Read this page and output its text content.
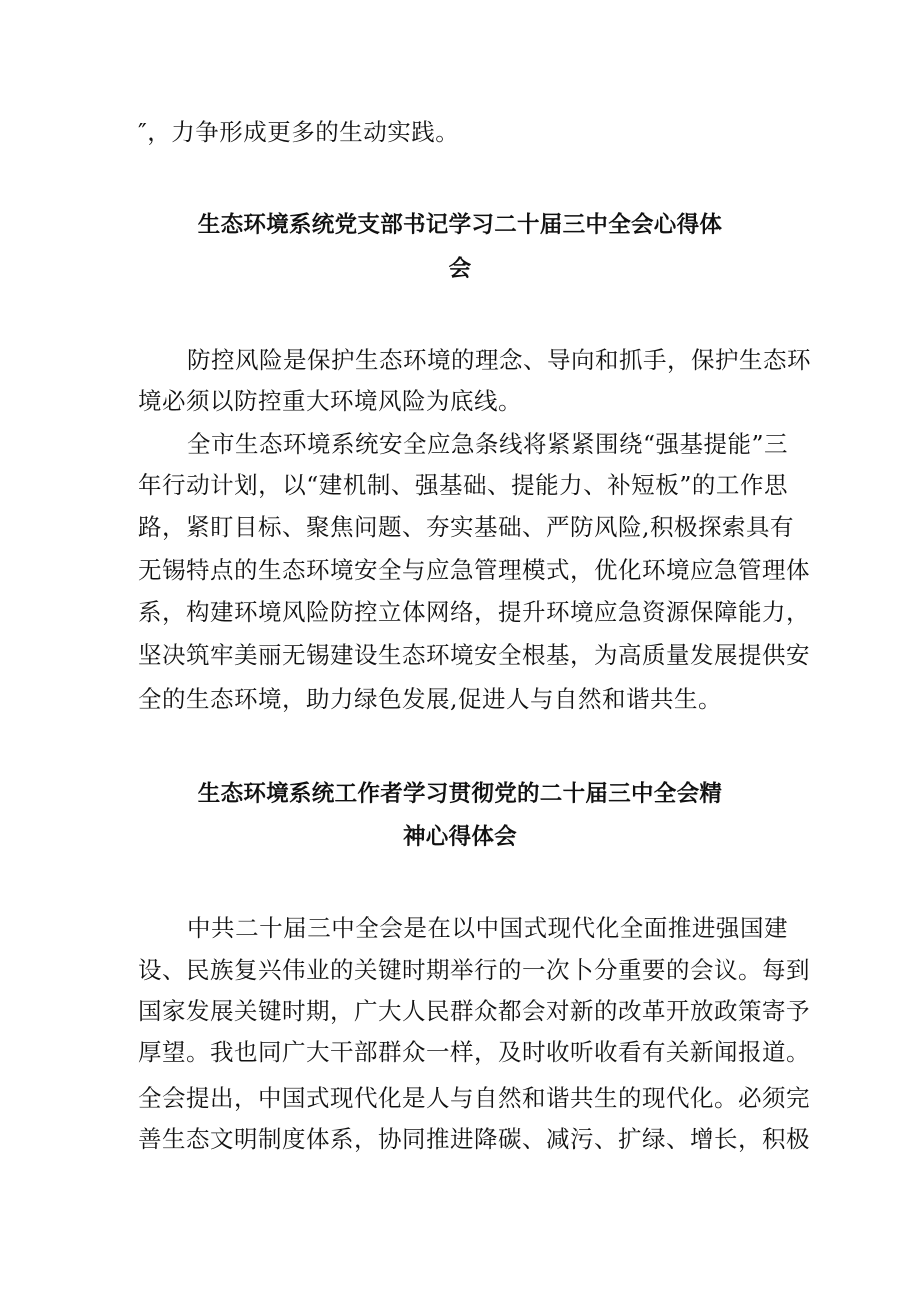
″，力争形成更多的生动实践。
生态环境系统党支部书记学习二十届三中全会心得体
会
防控风险是保护生态环境的理念、导向和抓手，保护生态环
境必须以防控重大环境风险为底线。
全市生态环境系统安全应急条线将紧紧围绕“强基提能”三
年行动计划，以“建机制、强基础、提能力、补短板”的工作思
路，紧盯目标、聚焦问题、夯实基础、严防风险,积极探索具有
无锡特点的生态环境安全与应急管理模式，优化环境应急管理体
系，构建环境风险防控立体网络，提升环境应急资源保障能力，
坚决筑牢美丽无锡建设生态环境安全根基，为高质量发展提供安
全的生态环境，助力绿色发展,促进人与自然和谐共生。
生态环境系统工作者学习贯彻党的二十届三中全会精
神心得体会
中共二十届三中全会是在以中国式现代化全面推进强国建
设、民族复兴伟业的关键时期举行的一次卜分重要的会议。每到
国家发展关键时期，广大人民群众都会对新的改革开放政策寄予
厚望。我也同广大干部群众一样，及时收听收看有关新闻报道。
全会提出，中国式现代化是人与自然和谐共生的现代化。必须完
善生态文明制度体系，协同推进降碳、减污、扩绿、增长，积极
